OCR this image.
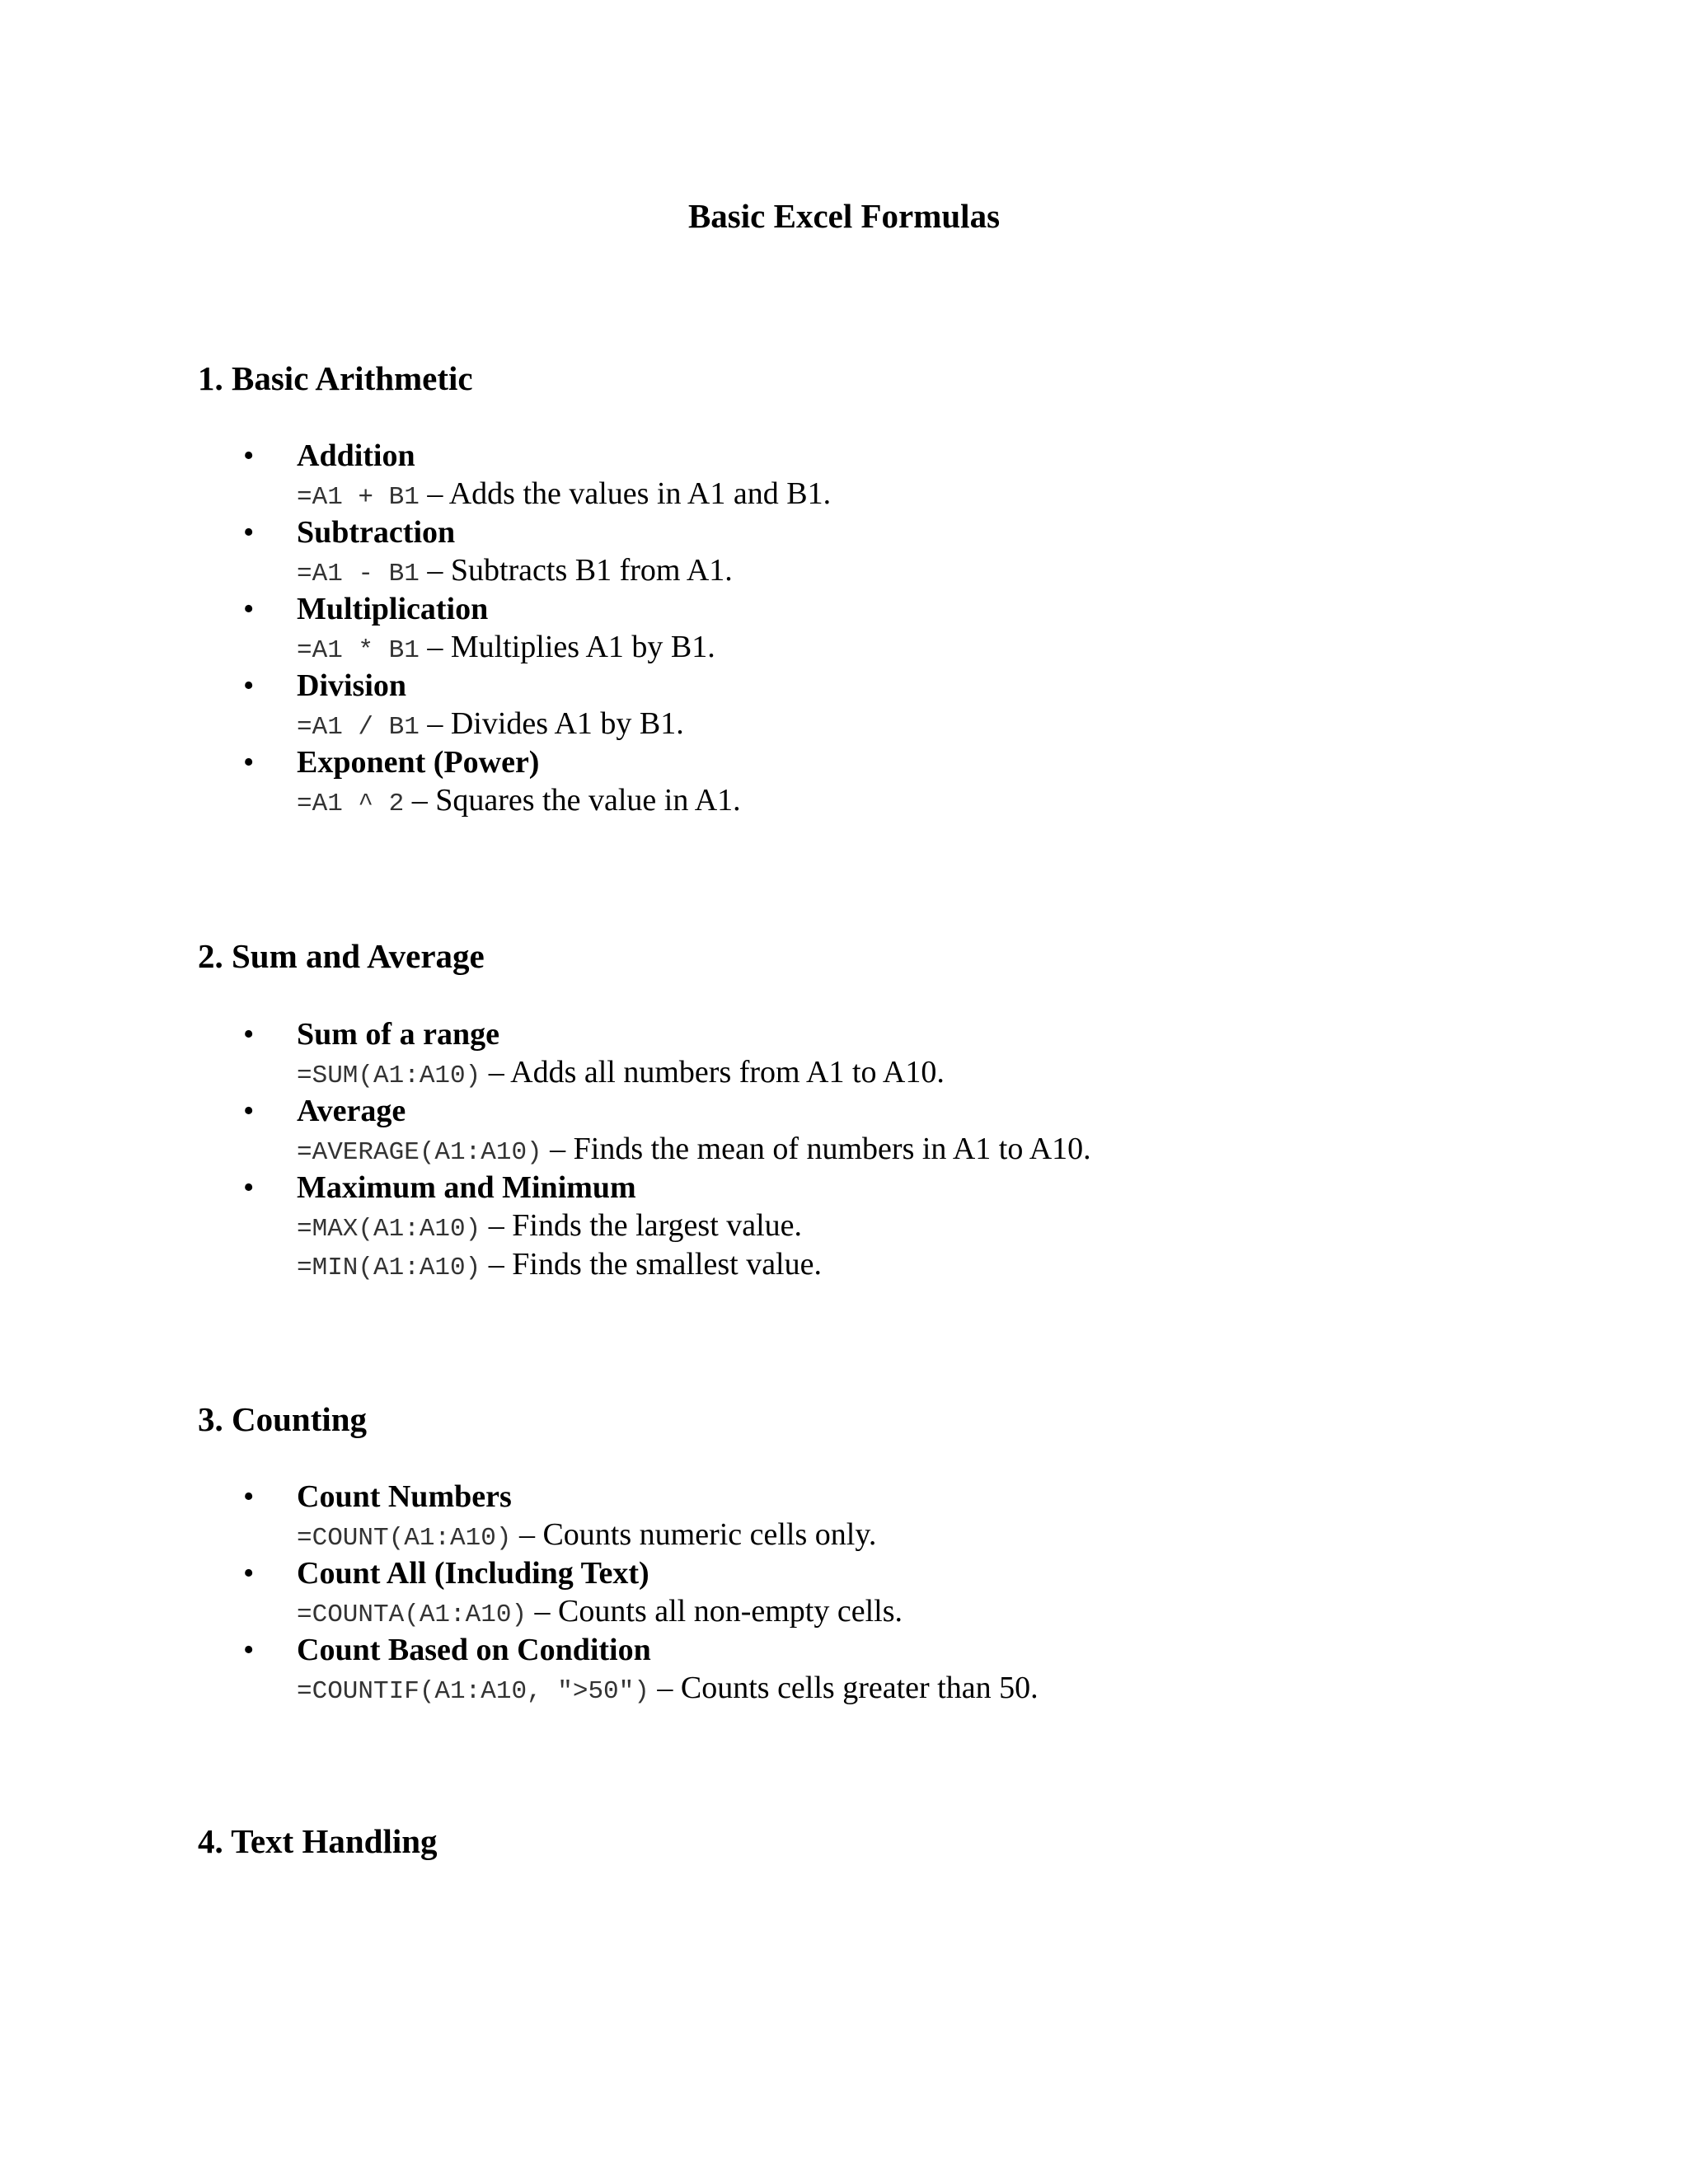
Basic Excel Formulas
1. Basic Arithmetic
• Addition
=A1 + B1 – Adds the values in A1 and B1.
• Subtraction
=A1 - B1 – Subtracts B1 from A1.
• Multiplication
=A1 * B1 – Multiplies A1 by B1.
• Division
=A1 / B1 – Divides A1 by B1.
• Exponent (Power)
=A1 ^ 2 – Squares the value in A1.
2. Sum and Average
• Sum of a range
=SUM(A1:A10) – Adds all numbers from A1 to A10.
• Average
=AVERAGE(A1:A10) – Finds the mean of numbers in A1 to A10.
• Maximum and Minimum
=MAX(A1:A10) – Finds the largest value.
=MIN(A1:A10) – Finds the smallest value.
3. Counting
• Count Numbers
=COUNT(A1:A10) – Counts numeric cells only.
• Count All (Including Text)
=COUNTA(A1:A10) – Counts all non-empty cells.
• Count Based on Condition
=COUNTIF(A1:A10, ">50") – Counts cells greater than 50.
4. Text Handling
